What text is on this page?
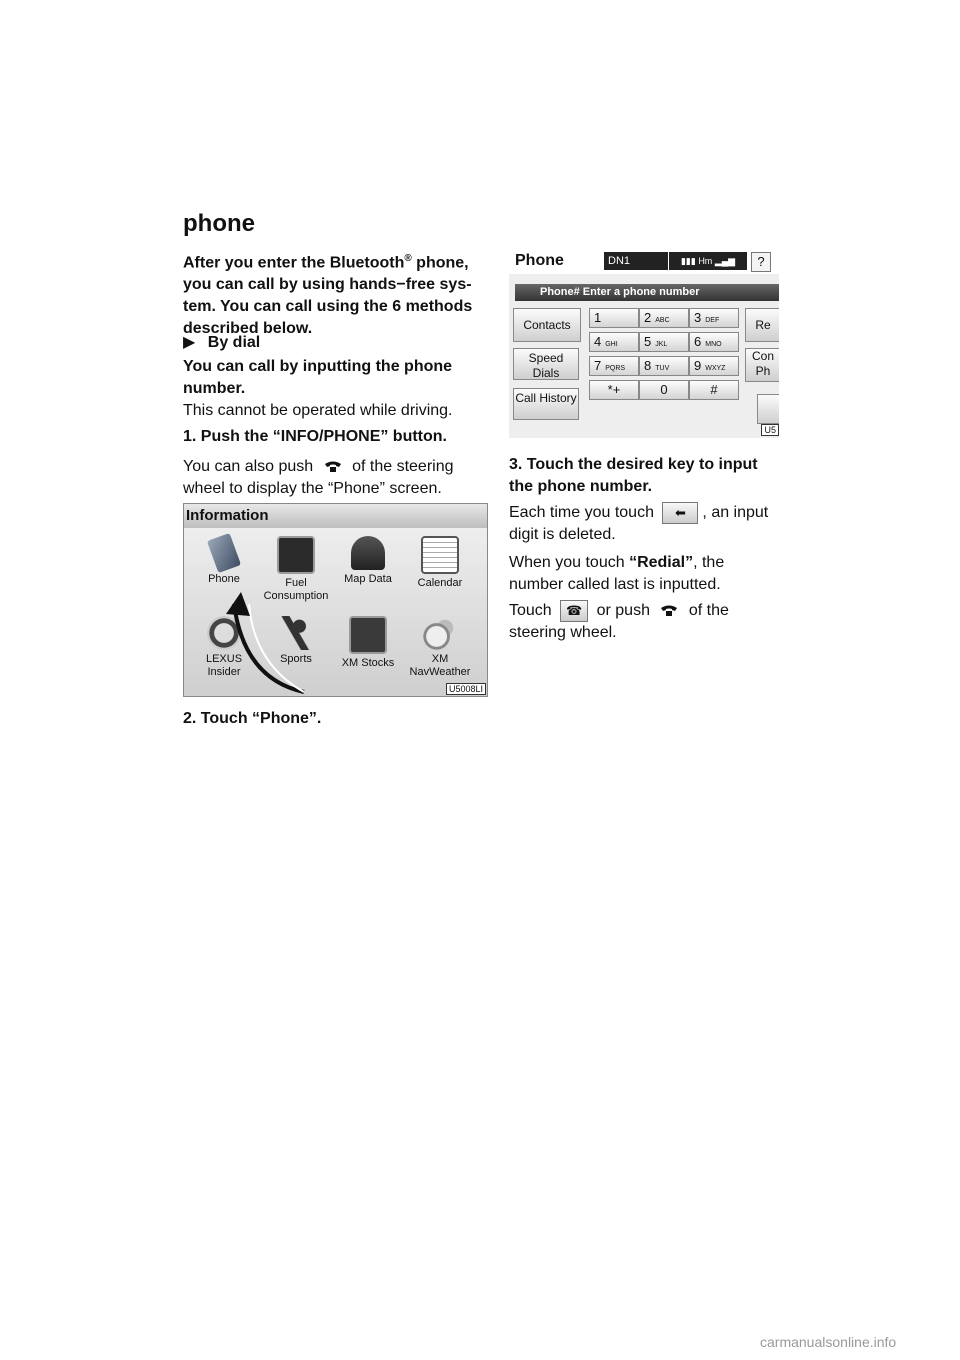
phone
After you enter the Bluetooth® phone, you can call by using hands−free sys- tem. You can call using the 6 methods described below.
▶ By dial
You can call by inputting the phone number.
This cannot be operated while driving.
1. Push the “INFO/PHONE” button.
You can also push of the steering wheel to display the “Phone” screen.
Information
Phone	Fuel Consumption
Map Data	Calendar
LEXUS Insider
Sports	XM Stocks	XM NavWeather
U5008LI
2. Touch “Phone”.
Phone	DN1	▮▮▮ Hm ▂▄▆	?
Phone# Enter a phone number
Contacts
Speed Dials
Call History
1	2 ABC	3 DEF
4 GHI	5 JKL	6 MNO
7 PQRS	8 TUV	9 WXYZ
*+	0	#
Re
Con Ph
U5
3. Touch the desired key to input the phone number.
Each time you touch ⬅ , an input digit is deleted.
When you touch “Redial”, the number called last is inputted.
Touch ☎ or push of the steering wheel.
carmanualsonline.info
